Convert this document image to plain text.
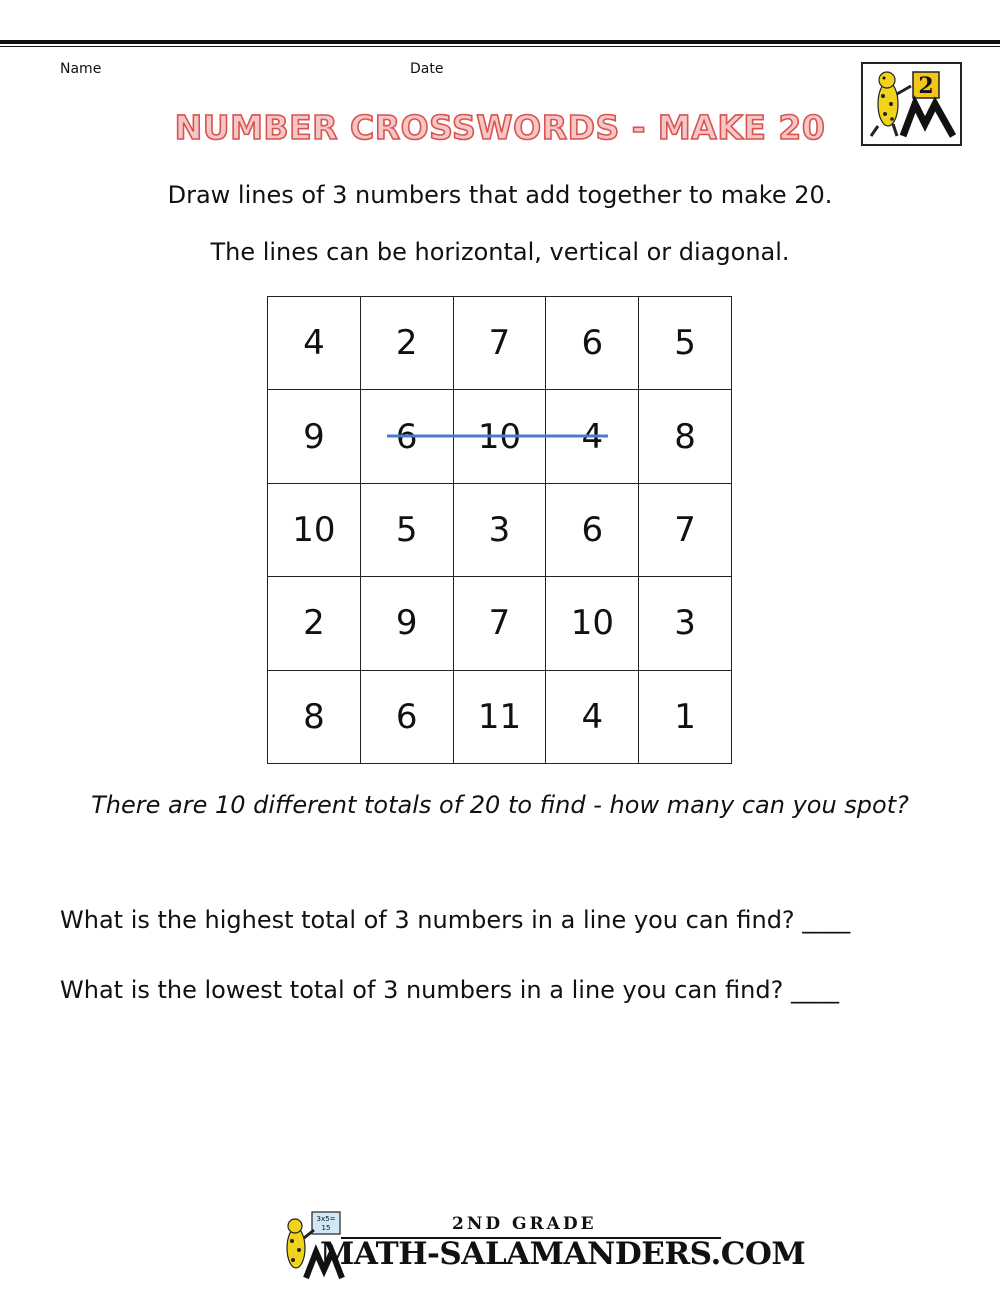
Name	Date
NUMBER CROSSWORDS - MAKE 20
2
Draw lines of 3 numbers that add together to make 20.
The lines can be horizontal, vertical or diagonal.
4	2	7	6	5
9	6	10	4	8
10	5	3	6	7
2	9	7	10	3
8	6	11	4	1
There are 10 different totals of 20 to find - how many can you spot?
What is the highest total of 3 numbers in a line you can find? ____
What is the lowest total of 3 numbers in a line you can find? ____
3x5=
15	2ND GRADE
MATH-SALAMANDERS.COM
